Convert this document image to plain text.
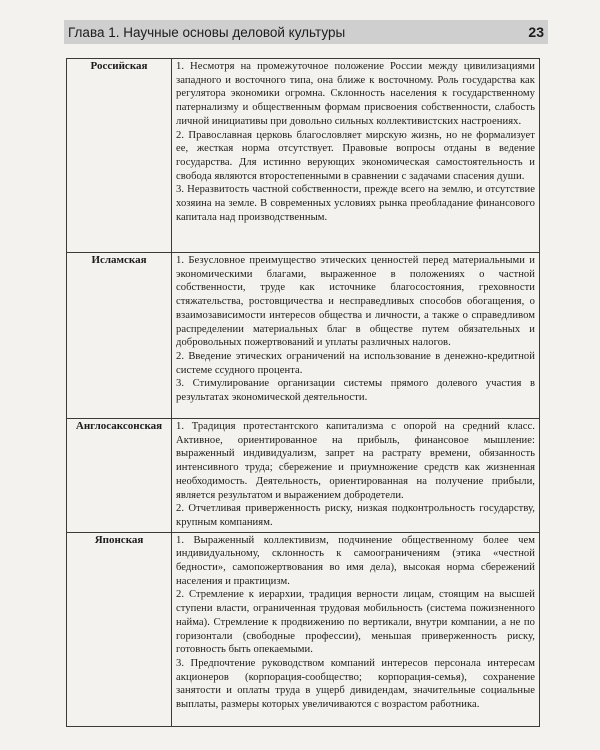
Глава 1. Научные основы деловой культуры	23
Российская	1. Несмотря на промежуточное положение России между цивилизациями западного и восточного типа, она ближе к восточному. Роль государства как регулятора экономики огромна. Склонность населения к государственному патернализму и общественным формам присвоения собственности, слабость личной инициативы при довольно сильных коллективистских настроениях.

2. Православная церковь благословляет мирскую жизнь, но не формализует ее, жесткая норма отсутствует. Правовые вопросы отданы в ведение государства. Для истинно верующих экономическая самостоятельность и свобода являются второстепенными в сравнении с задачами спасения души.

3. Неразвитость частной собственности, прежде всего на землю, и отсутствие хозяина на земле. В современных условиях рынка преобладание финансового капитала над производственным.

Исламская	1. Безусловное преимущество этических ценностей перед материальными и экономическими благами, выраженное в положениях о частной собственности, труде как источнике благосостояния, греховности стяжательства, ростовщичества и несправедливых способов обогащения, о взаимозависимости интересов общества и личности, а также о справедливом распределении материальных благ в обществе путем обязательных и добровольных пожертвований и уплаты различных налогов.

2. Введение этических ограничений на использование в денежно-кредитной системе ссудного процента.

3. Стимулирование организации системы прямого долевого участия в результатах экономической деятельности.

Англосаксонская	1. Традиция протестантского капитализма с опорой на средний класс. Активное, ориентированное на прибыль, финансовое мышление: выраженный индивидуализм, запрет на растрату времени, обязанность интенсивного труда; сбережение и приумножение средств как жизненная необходимость. Деятельность, ориентированная на получение прибыли, является результатом и выражением добродетели.

2. Отчетливая приверженность риску, низкая подконтрольность государству, крупным компаниям.

Японская	1. Выраженный коллективизм, подчинение общественному более чем индивидуальному, склонность к самоограничениям (этика «честной бедности», самопожертвования во имя дела), высокая норма сбережений населения и практицизм.

2. Стремление к иерархии, традиция верности лицам, стоящим на высшей ступени власти, ограниченная трудовая мобильность (система пожизненного найма). Стремление к продвижению по вертикали, внутри компании, а не по горизонтали (свободные профессии), меньшая приверженность риску, готовность быть опекаемыми.

3. Предпочтение руководством компаний интересов персонала интересам акционеров (корпорация-сообщество; корпорация-семья), сохранение занятости и оплаты труда в ущерб дивидендам, значительные социальные выплаты, размеры которых увеличиваются с возрастом работника.
